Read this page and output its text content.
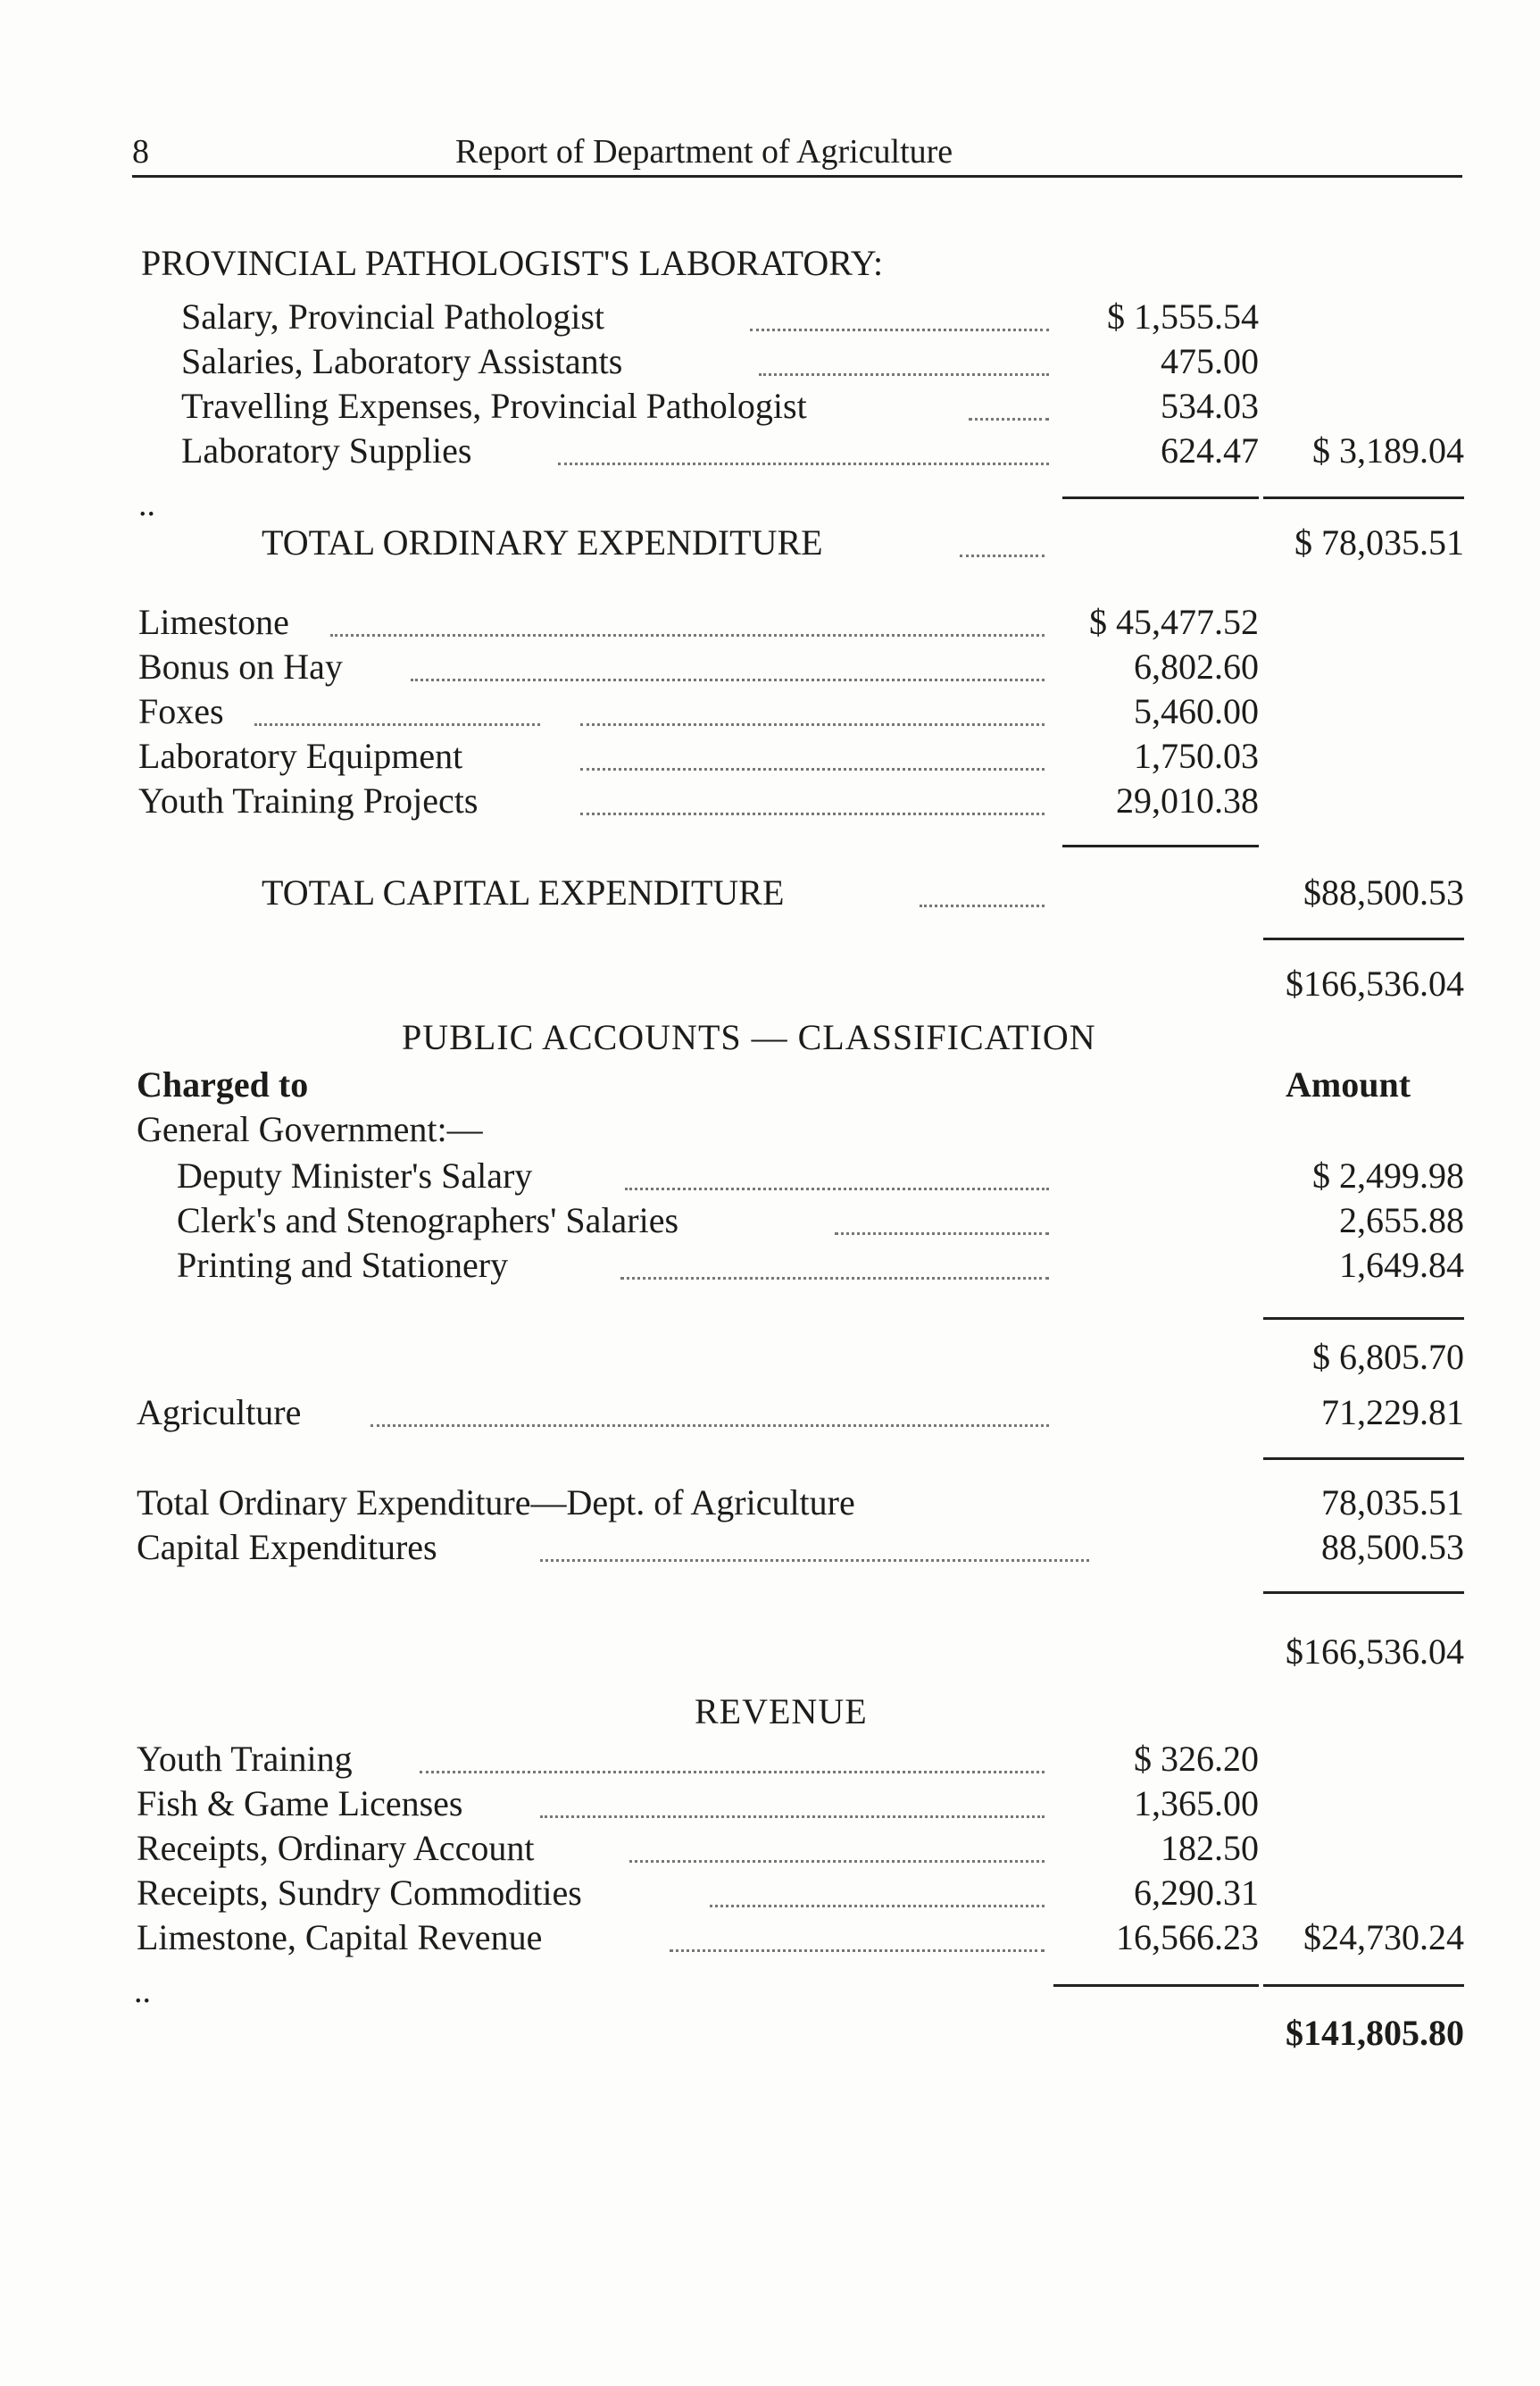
8	Report of Department of Agriculture
PROVINCIAL PATHOLOGIST'S LABORATORY:
Salary, Provincial Pathologist	$ 1,555.54
Salaries, Laboratory Assistants	475.00
Travelling Expenses, Provincial Pathologist	534.03
Laboratory Supplies	624.47	$ 3,189.04
..
TOTAL ORDINARY EXPENDITURE	$ 78,035.51
Limestone	$ 45,477.52
Bonus on Hay	6,802.60
Foxes	5,460.00
Laboratory Equipment	1,750.03
Youth Training Projects	29,010.38
TOTAL CAPITAL EXPENDITURE	$88,500.53
$166,536.04
PUBLIC ACCOUNTS — CLASSIFICATION
Charged to	Amount
General Government:—
Deputy Minister's Salary	$ 2,499.98
Clerk's and Stenographers' Salaries	2,655.88
Printing and Stationery	1,649.84
$ 6,805.70
Agriculture	71,229.81
Total Ordinary Expenditure—Dept. of Agriculture	78,035.51
Capital Expenditures	88,500.53
$166,536.04
REVENUE
Youth Training	$ 326.20
Fish & Game Licenses	1,365.00
Receipts, Ordinary Account	182.50
Receipts, Sundry Commodities	6,290.31
Limestone, Capital Revenue	16,566.23	$24,730.24
..
$141,805.80
